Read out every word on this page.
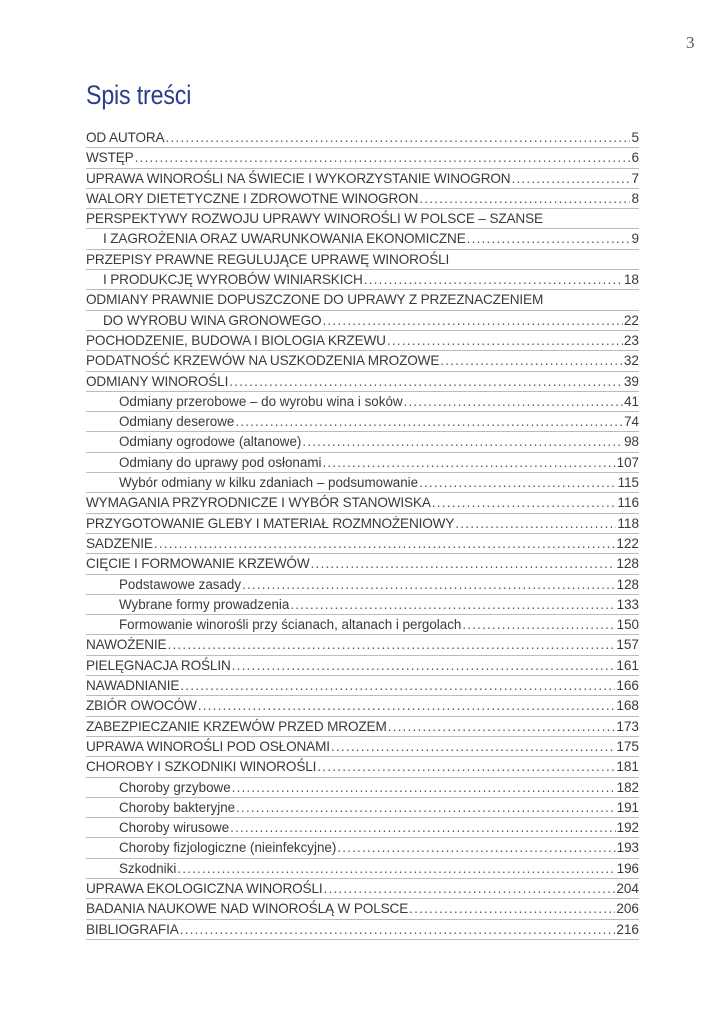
3
Spis treści
OD AUTORA .....	5
WSTĘP .....	6
UPRAWA WINOROŚLI NA ŚWIECIE I WYKORZYSTANIE WINOGRON .....	7
WALORY DIETETYCZNE I ZDROWOTNE WINOGRON .....	8
PERSPEKTYWY ROZWOJU UPRAWY WINOROŚLI W POLSCE – SZANSE
I ZAGROŻENIA ORAZ UWARUNKOWANIA EKONOMICZNE .....	9
PRZEPISY PRAWNE REGULUJĄCE UPRAWĘ WINOROŚLI
I PRODUKCJĘ WYROBÓW WINIARSKICH .....	18
ODMIANY PRAWNIE DOPUSZCZONE DO UPRAWY Z PRZEZNACZENIEM
DO WYROBU WINA GRONOWEGO .....	22
POCHODZENIE, BUDOWA I BIOLOGIA KRZEWU .....	23
PODATNOŚĆ KRZEWÓW NA USZKODZENIA MROZOWE .....	32
ODMIANY WINOROŚLI .....	39
Odmiany przerobowe – do wyrobu wina i soków .....	41
Odmiany deserowe .....	74
Odmiany ogrodowe (altanowe) .....	98
Odmiany do uprawy pod osłonami .....	107
Wybór odmiany w kilku zdaniach – podsumowanie .....	115
WYMAGANIA PRZYRODNICZE I WYBÓR STANOWISKA .....	116
PRZYGOTOWANIE GLEBY I MATERIAŁ ROZMNOŻENIOWY .....	118
SADZENIE .....	122
CIĘCIE I FORMOWANIE KRZEWÓW .....	128
Podstawowe zasady .....	128
Wybrane formy prowadzenia .....	133
Formowanie winorośli przy ścianach, altanach i pergolach .....	150
NAWOŻENIE .....	157
PIELĘGNACJA ROŚLIN .....	161
NAWADNIANIE .....	166
ZBIÓR OWOCÓW .....	168
ZABEZPIECZANIE KRZEWÓW PRZED MROZEM .....	173
UPRAWA WINOROŚLI POD OSŁONAMI .....	175
CHOROBY I SZKODNIKI WINOROŚLI .....	181
Choroby grzybowe .....	182
Choroby bakteryjne .....	191
Choroby wirusowe .....	192
Choroby fizjologiczne (nieinfekcyjne) .....	193
Szkodniki .....	196
UPRAWA EKOLOGICZNA WINOROŚLI .....	204
BADANIA NAUKOWE NAD WINOROŚLĄ W POLSCE .....	206
BIBLIOGRAFIA .....	216
